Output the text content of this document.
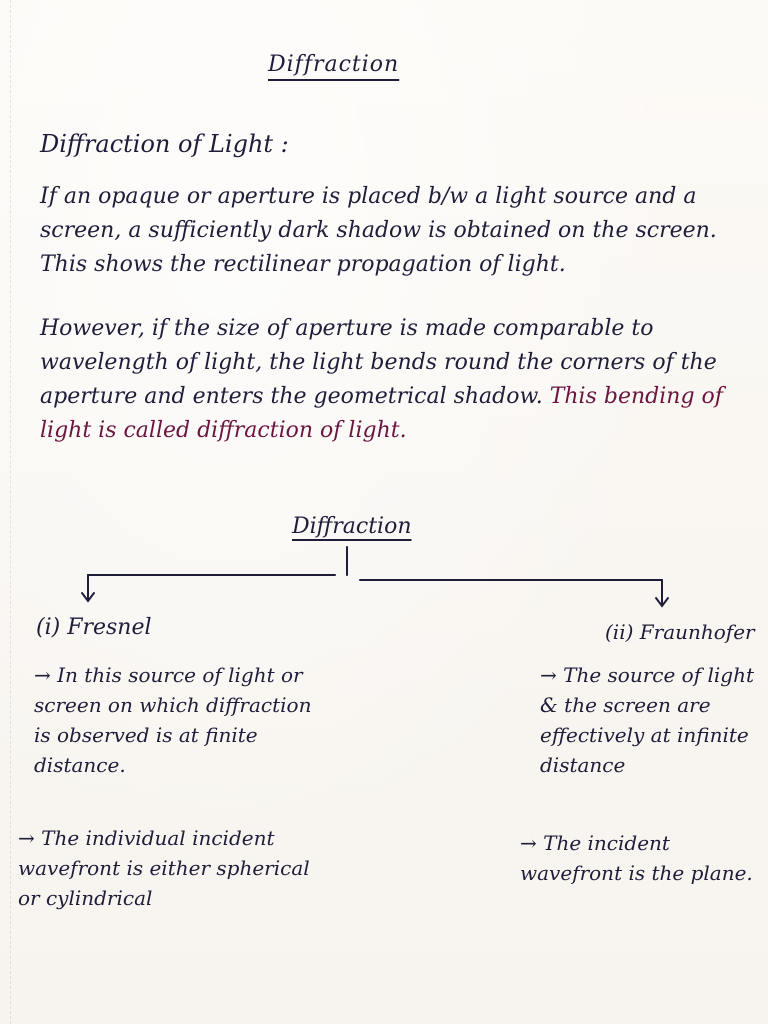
Diffraction
Diffraction of Light :
If an opaque or aperture is placed b/w a light source and a screen, a sufficiently dark shadow is obtained on the screen. This shows the rectilinear propagation of light.
However, if the size of aperture is made comparable to wavelength of light, the light bends round the corners of the aperture and enters the geometrical shadow. This bending of light is called diffraction of light.
Diffraction
(i) Fresnel	(ii) Fraunhofer
→ In this source of light or screen on which diffraction is observed is at finite distance.
→ The source of light & the screen are effectively at infinite distance
→ The individual incident wavefront is either spherical or cylindrical
→ The incident wavefront is the plane.
